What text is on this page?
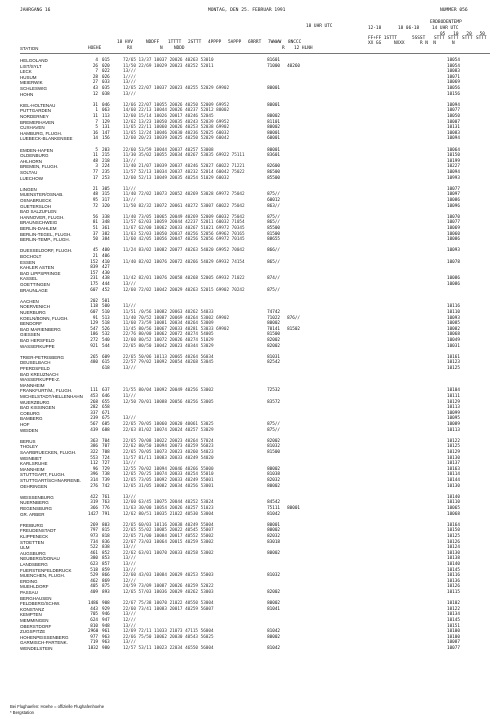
JAHRGANG 16	MONTAG, DEN 25. FEBRUAR 1991	NUMMER 056
18 UHR UTC
ERDBODENTEMP
12-18	18 06-18	14 UHR UTC
05   10   20   50
STATION	HOEHE
18 HVV
RX
NDDFF 1TTTT 2STTT
N	NDDD
4PPPP 5APPP 6RRRT 7WWWW 8NCCC
R 12 HLNH
FF+FF 1STTT	5SSST STTT STTT STTT STTT
XX GG	NXXX	R N  N	N
HELGOLAND	4 015	72/65 13/37 10037 20026 40263 53010	81601	10054
LIST/SYLT	26 020	11/50 22/69 10029 20023 40252 52011	71000	40260	10054
LECK	7 022	13///	10083
HUSUM	28 026	1////	10071
MEIERWIK	27 033	13///	10069
SCHLESWIG	43 035	12/65 22/07 10037 20023 40255 52029 69902	80001	10056
HOHN	12 038	13///	10156
KIEL-HOLTENAU	31 046	12/66 22/07 10055 20026 40250 52009 69952	80001	10094
PUTTGARDEN	1 063	14/60 22/13 10044 20026 40237 52012 80002	10077
NORDERNEY	11 113	12/60 15/14 10026 20017 40246 52045	80002	10050
BREMERHAVEN	7 129	12/62 13/23 10050 20035 40243 52039 69952	81101	10007
CUXHAVEN	5 131	11/65 22/11 10060 20026 40253 52038 69902	80002	10131
HAMBURG, FLUGH.	16 147	11/65 12/24 10046 20030 40236 52025 60032	80001	10083
LUEBECK-BLANKENSEE	14 156	12/60 20/23 10039 20025 40250 52029 60042	60001	10094
EMDEN-HAFEN	5 203	22/60 53/59 10044 20037 40257 53008	80001	10064
OLDENBURG	11 215	11/30 35/02 10055 20034 40267 53035 69922 75111	83601	10150
AHLHORN	48 218	13///	10199
BREMEN, FLUGH.	3 224	11/40 21/07 10039 20037 40246 52027 60022 71221	82600	10227
SOLTAU	77 235	11/57 52/13 10034 20037 40232 52014 60042 75022	86500	10094
LUECHOW	17 253	12/60 52/13 10049 20035 40254 51029 60032	85500	10993
LINGEN	21 305	11///	10077
MUENSTER/OSNAB.	48 315	11/40 72/02 10073 20052 40269 53028 69972 75042	875//	10097
OSNABRUECK	95 317	13///	60012	10086
GUETERSLOH	72 320	11/50 82/32 10072 20061 40272 53007 60022 75042	863//	10096
BAD SALZUFLEN
HANNOVER, FLUGH.	56 338	11/40 73/05 10065 20049 40269 52009 60032 75042	875//	10070
BRAUNSCHWEIG	81 348	11/57 62/03 10059 20044 42237 52011 60032 71054	865//	10077
BERLIN-DAHLEM	51 361	11/67 62/00 10062 20033 40267 51021 69972 70345	85500	10069
BERLIN-TEGEL, FLUGH.	37 382	11/63 52/03 10050 20037 40256 52056 69962 70165	81500	10060
BERLIN-TEMP., FLUGH.	50 384	11/60 42/05 10056 20047 40256 52056 69972 70145	88655	10086
DUESSELDORF, FLUGH.	45 400	11/24 83/02 10082 20077 40263 54020 69952 70042	866//	10093
BOCHOLT	21 406
ESSEN	152 410	11/40 82/02 10076 20072 40266 54029 69932 74154	865//	10078
KAHLER ASTEN	839 427
BAD LIPPSPRINGE	157 430
KASSEL	231 438	11/42 82/01 10076 20058 40268 52005 69932 71022	874//	10086
GOETTINGEN	175 444	13///	10086
BRAUNLAGE	607 452	12/60 72/02 10042 20029 40263 52015 69902 70242	875//
AACHEN	202 501
NOERVENICH	118 500	11///	10116
NUERBURG	607 510	11/51 /0/56 10082 20063 40262 54033	74742	10110
KOELN/BONN, FLUGH.	91 513	11/40 70/52 10087 20069 40264 53002 69902	71022	876//	10093
BENDORF	129 518	11/60 73/59 10081 20034 40264 53009	80002	10085
BAD MARIENBERG	547 526	11/45 80/56 10067 20033 40281 53033 69902	70141	81502	10082
GIESSEN	186 532	22/76 80/00 10062 20072 40274 54005	81500	10068
BAD HERSFELD	272 540	12/60 80/52 10072 20026 40274 51029	82002	10049
WASSERKUPPE	921 544	22/65 80/50 10042 20023 40344 53029	82002	10031
TRIER-PETRISBERG	265 609	22/65 50/06 10113 20065 40264 56034	81031	10161
DEUSELBACH	480 615	22/57 79/02 10092 20054 40268 53045	82542	10123
PFERDSFELD	618	13///	10125
BAD KREUZNACH
WASSERKUPPE-Z.
MANNHEIM
FRANKFURT/M., FLUGH.	111 637	21/55 80/04 10092 20049 40256 53002	72532	10104
MICHELSTADT/HELLENHAHN	453 646	11///	10111
WUERZBURG	268 655	12/50 70/01 10088 20056 40256 53005	83572	10129
BAD KISSINGEN	282 658	10113
COBURG	337 671	10099
BAMBERG	239 675	13///	10095
HOF	567 685	22/65 70/05 10060 20020 40061 53025	875//	10089
WEIDEN	439 688	22/63 81/02 10074 20024 40257 53029	875//	10113
BERUS	363 704	22/65 70/08 10022 20023 40264 57024	82002	10122
THOLEY	386 707	22/62 80/50 10094 20073 40259 56023	81032	10125
SAARBRUECKEN, FLUGH.	322 708	22/65 70/05 10073 20023 40260 54023	81500	10129
WEINBIET	553 724	11/57 81/11 10083 20033 40249 54020	10130
KARLSRUHE	112 727	11///	10137
MANNHEIM	96 729	12/55 70/02 10094 20046 40266 55000	80002	10163
STUTTGART, FLUGH.	396 738	12/65 70/25 10074 20033 40254 55010	81038	10114
STUTTGART/SCHNARRENB.	314 739	12/65 73/05 10092 20033 40249 55001	82032	10144
OEHRINGEN	276 742	12/65 31/05 10082 20034 40256 53001	80002	10130
WEISSENBURG	422 761	13///	10140
NUERNBERG	319 763	12/60 63/45 10075 20044 40252 53024	84542	10110
REGENSBURG	366 776	11/63 30/00 10054 20026 40257 51023	75111	80001	10065
GR. ARBER	1427 791	12/62 80/51 10035 21022 40530 53004	81042	10068
FREIBURG	269 803	22/65 60/03 10116 20038 40249 55004	80001	10164
FREUDENSTADT	797 815	22/65 55/02 10085 20022 40545 55007	80002	10150
KLIPPENECK	973 818	22/65 71/00 10084 20017 40552 55002	82032	10125
STOETTEN	734 836	22/67 73/03 10064 20015 40259 53002	83018	10126
ULM	522 838	13///	10124
AUGSBURG	461 852	22/62 63/01 10070 20033 40258 53002	80002	10130
NEUBERG/DONAU	380 853	13///	10138
LANDSBERG	623 857	13///	10140
FUERSTENFELDBRUCK	518 859	13///	10145
MUENCHEN, FLUGH.	529 866	22/60 43/03 10084 20029 40253 55003	81032	10116
ERDING	462 869	12///	10136
MUEHLDORF	405 875	24/59 73/09 10087 20026 40259 52022	10126
PASSAU	409 893	12/65 57/03 10036 20029 40262 53003	82002	10115
BERGHAUSEN
FELDBERG/SCHW.	1486 908	22/67 75/38 10070 21022 40550 53004	80002	10102
KONSTANZ	443 929	22/60 73/41 10083 20017 40259 56007	81041	10122
KEMPTEN	705 946	13///	10134
MEMMINGEN	624 947	12///	10145
OBERSTDORF	810 948	13///	10151
ZUGSPITZE	2960 961	12/69 72/11 11033 21073 47115 56004	81042	10100
HOHENPEISSENBERG	977 963	22/66 75/50 10062 20030 40543 56025	80002	10100
GARMISCH-PARTENK.	719 963	13///	10087
WENDELSTEIN	1832 980	12/57 53/11 10023 22034 46550 56004	81042	10077
Bei Flughaefen: Hoehe = offizielle Flughafenhoehe
* Bergstation
